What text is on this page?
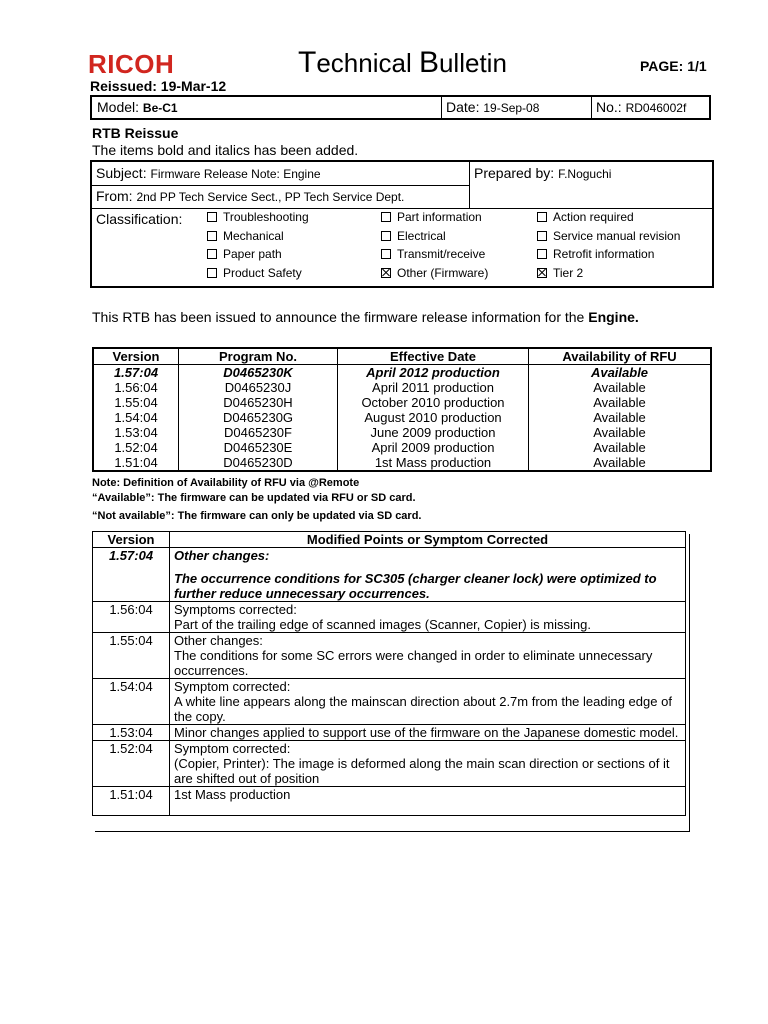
RICOH	Technical Bulletin	PAGE: 1/1
Reissued: 19-Mar-12
Model: Be-C1	Date: 19-Sep-08	No.: RD046002f
RTB Reissue
The items bold and italics has been added.
Subject: Firmware Release Note: Engine	Prepared by: F.Noguchi
From: 2nd PP Tech Service Sect., PP Tech Service Dept.
Classification:	Troubleshooting
Mechanical
Paper path
Product Safety
Part information
Electrical
Transmit/receive
Other (Firmware)
Action required
Service manual revision
Retrofit information
Tier 2
This RTB has been issued to announce the firmware release information for the Engine.
Version	Program No.	Effective Date	Availability of RFU
1.57:04	D0465230K	April 2012 production	Available
1.56:04	D0465230J	April 2011 production	Available
1.55:04	D0465230H	October 2010 production	Available
1.54:04	D0465230G	August 2010 production	Available
1.53:04	D0465230F	June 2009 production	Available
1.52:04	D0465230E	April 2009 production	Available
1.51:04	D0465230D	1st Mass production	Available
Note: Definition of Availability of RFU via @Remote
“Available”: The firmware can be updated via RFU or SD card.
“Not available”: The firmware can only be updated via SD card.
Version	Modified Points or Symptom Corrected
1.57:04	Other changes:
The occurrence conditions for SC305 (charger cleaner lock) were optimized to further reduce unnecessary occurrences.

1.56:04	Symptoms corrected:
Part of the trailing edge of scanned images (Scanner, Copier) is missing.

1.55:04	Other changes:
The conditions for some SC errors were changed in order to eliminate unnecessary occurrences.

1.54:04	Symptom corrected:
A white line appears along the mainscan direction about 2.7m from the leading edge of the copy.

1.53:04	Minor changes applied to support use of the firmware on the Japanese domestic model.

1.52:04	Symptom corrected:
(Copier, Printer): The image is deformed along the main scan direction or sections of it are shifted out of position

1.51:04	1st Mass production
